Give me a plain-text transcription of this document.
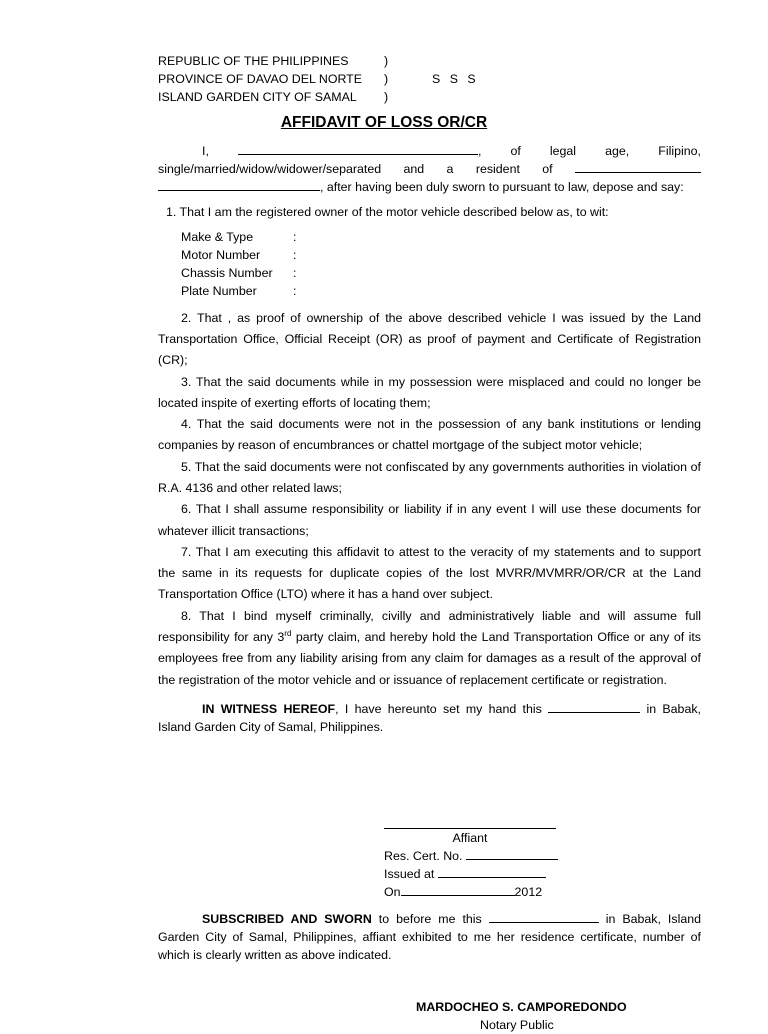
REPUBLIC OF THE PHILIPPINES	)
PROVINCE OF DAVAO DEL NORTE	)	S S S
ISLAND GARDEN CITY OF SAMAL	)
AFFIDAVIT OF LOSS OR/CR

I,	, of legal age, Filipino, single/married/widow/widower/separated and a resident of  , after having been duly sworn to pursuant to law, depose and say:

1. That I am the registered owner of the motor vehicle described below as, to wit:

Make & Type	:
Motor Number	:
Chassis Number	:
Plate Number	:

2. That , as proof of ownership of the above described vehicle I was issued by the Land Transportation Office, Official Receipt (OR) as proof of payment and Certificate of Registration (CR);

3. That the said documents while in my possession were misplaced and could no longer be located inspite of exerting efforts of locating them;

4. That the said documents were not in the possession of any bank institutions or lending companies by reason of encumbrances or chattel mortgage of the subject motor vehicle;

5. That the said documents were not confiscated by any governments authorities in violation of R.A. 4136 and other related laws;

6. That I shall assume responsibility or liability if in any event I will use these documents for whatever illicit transactions;

7. That I am executing this affidavit to attest to the veracity of my statements and to support the same in its requests for duplicate copies of the lost MVRR/MVMRR/OR/CR at the Land Transportation Office (LTO) where it has a hand over subject.

8. That I bind myself criminally, civilly and administratively liable and will assume full responsibility for any 3rd party claim, and hereby hold the Land Transportation Office or any of its employees free from any liability arising from any claim for damages as a result of the approval of the registration of the motor vehicle and or issuance of replacement certificate or registration.

IN WITNESS HEREOF, I have hereunto set my hand this	in Babak, Island Garden City of Samal, Philippines.

Affiant
Res. Cert. No.
Issued at
On	2012

SUBSCRIBED AND SWORN to before me this	in Babak, Island Garden City of Samal, Philippines, affiant exhibited to me her residence certificate, number of which is clearly written as above indicated.

MARDOCHEO S. CAMPOREDONDO
Notary Public
